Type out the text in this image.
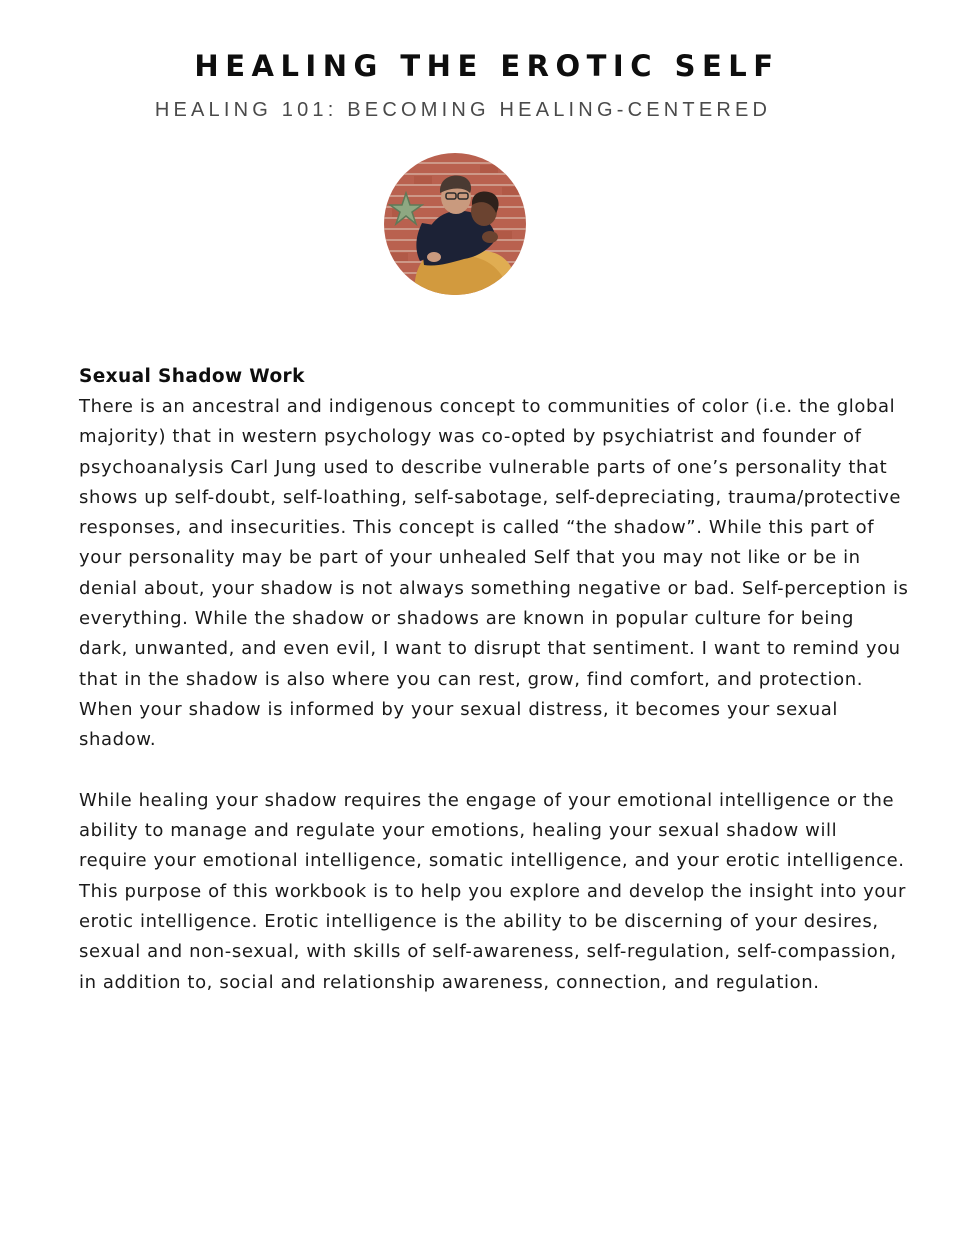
HEALING THE EROTIC SELF
HEALING 101: BECOMING HEALING-CENTERED
Sexual Shadow Work

There is an ancestral and indigenous concept to communities of color (i.e. the global majority) that in western psychology was co-opted by psychiatrist and founder of psychoanalysis Carl Jung used to describe vulnerable parts of one’s personality that shows up self-doubt, self-loathing, self-sabotage, self-depreciating, trauma/protective responses, and insecurities. This concept is called “the shadow”. While this part of your personality may be part of your unhealed Self that you may not like or be in denial about, your shadow is not always something negative or bad. Self-perception is everything. While the shadow or shadows are known in popular culture for being dark, unwanted, and even evil, I want to disrupt that sentiment. I want to remind you that in the shadow is also where you can rest, grow, find comfort, and protection. When your shadow is informed by your sexual distress, it becomes your sexual shadow.

While healing your shadow requires the engage of your emotional intelligence or the ability to manage and regulate your emotions, healing your sexual shadow will require your emotional intelligence, somatic intelligence, and your erotic intelligence. This purpose of this workbook is to help you explore and develop the insight into your erotic intelligence. Erotic intelligence is the ability to be discerning of your desires, sexual and non-sexual, with skills of self-awareness, self-regulation, self-compassion, in addition to, social and relationship awareness, connection, and regulation.
